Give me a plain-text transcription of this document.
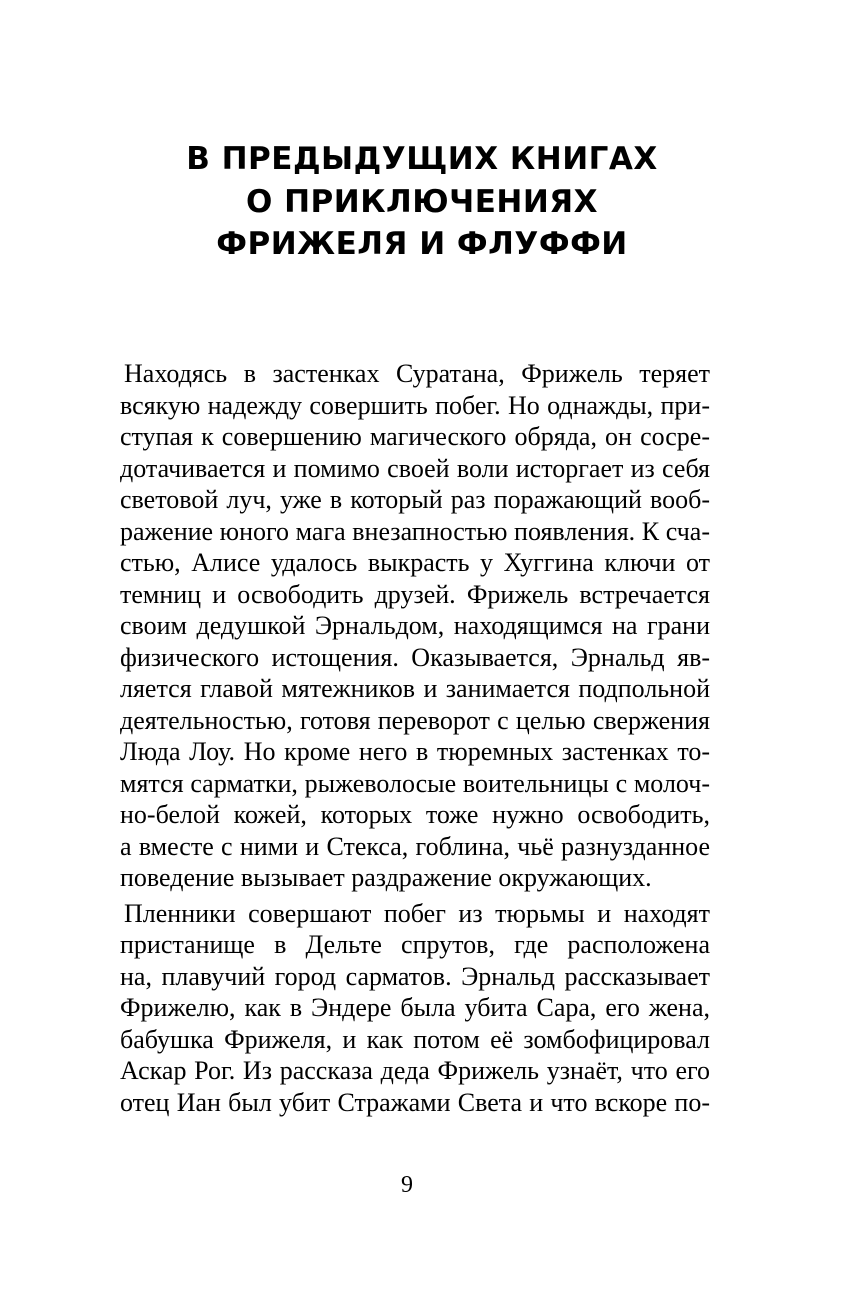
В ПРЕДЫДУЩИХ КНИГАХ
О ПРИКЛЮЧЕНИЯХ
ФРИЖЕЛЯ И ФЛУФФИ
Находясь в застенках Суратана, Фрижель теряет
всякую надежду совершить побег. Но однажды, при-
ступая к совершению магического обряда, он сосре-
дотачивается и помимо своей воли исторгает из себя
световой луч, уже в который раз поражающий вооб-
ражение юного мага внезапностью появления. К сча-
стью, Алисе удалось выкрасть у Хуггина ключи от
темниц и освободить друзей. Фрижель встречается
своим дедушкой Эрнальдом, находящимся на грани
физического истощения. Оказывается, Эрнальд яв-
ляется главой мятежников и занимается подпольной
деятельностью, готовя переворот с целью свержения
Люда Лоу. Но кроме него в тюремных застенках то-
мятся сарматки, рыжеволосые воительницы с молоч-
но-белой кожей, которых тоже нужно освободить,
а вместе с ними и Стекса, гоблина, чьё разнузданное
поведение вызывает раздражение окружающих.
Пленники совершают побег из тюрьмы и находят
пристанище в Дельте спрутов, где расположена
на, плавучий город сарматов. Эрнальд рассказывает
Фрижелю, как в Эндере была убита Сара, его жена,
бабушка Фрижеля, и как потом её зомбофицировал
Аскар Рог. Из рассказа деда Фрижель узнаёт, что его
отец Иан был убит Стражами Света и что вскоре по-
9
